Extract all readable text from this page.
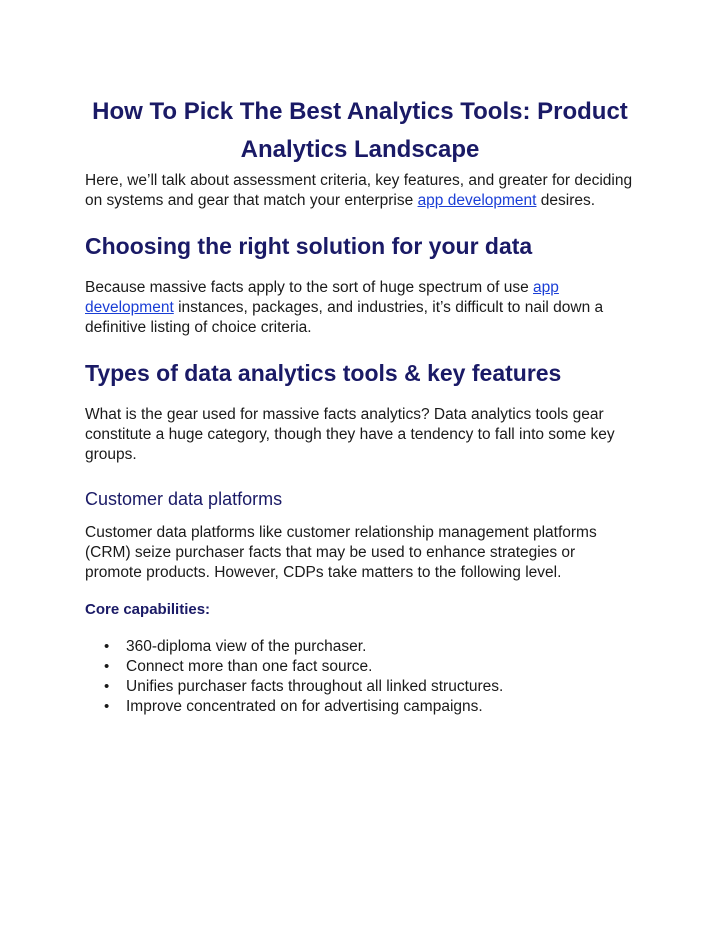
How To Pick The Best Analytics Tools: Product Analytics Landscape

Here, we’ll talk about assessment criteria, key features, and greater for deciding on systems and gear that match your enterprise app development desires.

Choosing the right solution for your data

Because massive facts apply to the sort of huge spectrum of use app development instances, packages, and industries, it’s difficult to nail down a definitive listing of choice criteria.

Types of data analytics tools & key features

What is the gear used for massive facts analytics? Data analytics tools gear constitute a huge category, though they have a tendency to fall into some key groups.

Customer data platforms

Customer data platforms like customer relationship management platforms (CRM) seize purchaser facts that may be used to enhance strategies or promote products. However, CDPs take matters to the following level.

Core capabilities:

• 360-diploma view of the purchaser.
• Connect more than one fact source.
• Unifies purchaser facts throughout all linked structures.
• Improve concentrated on for advertising campaigns.
